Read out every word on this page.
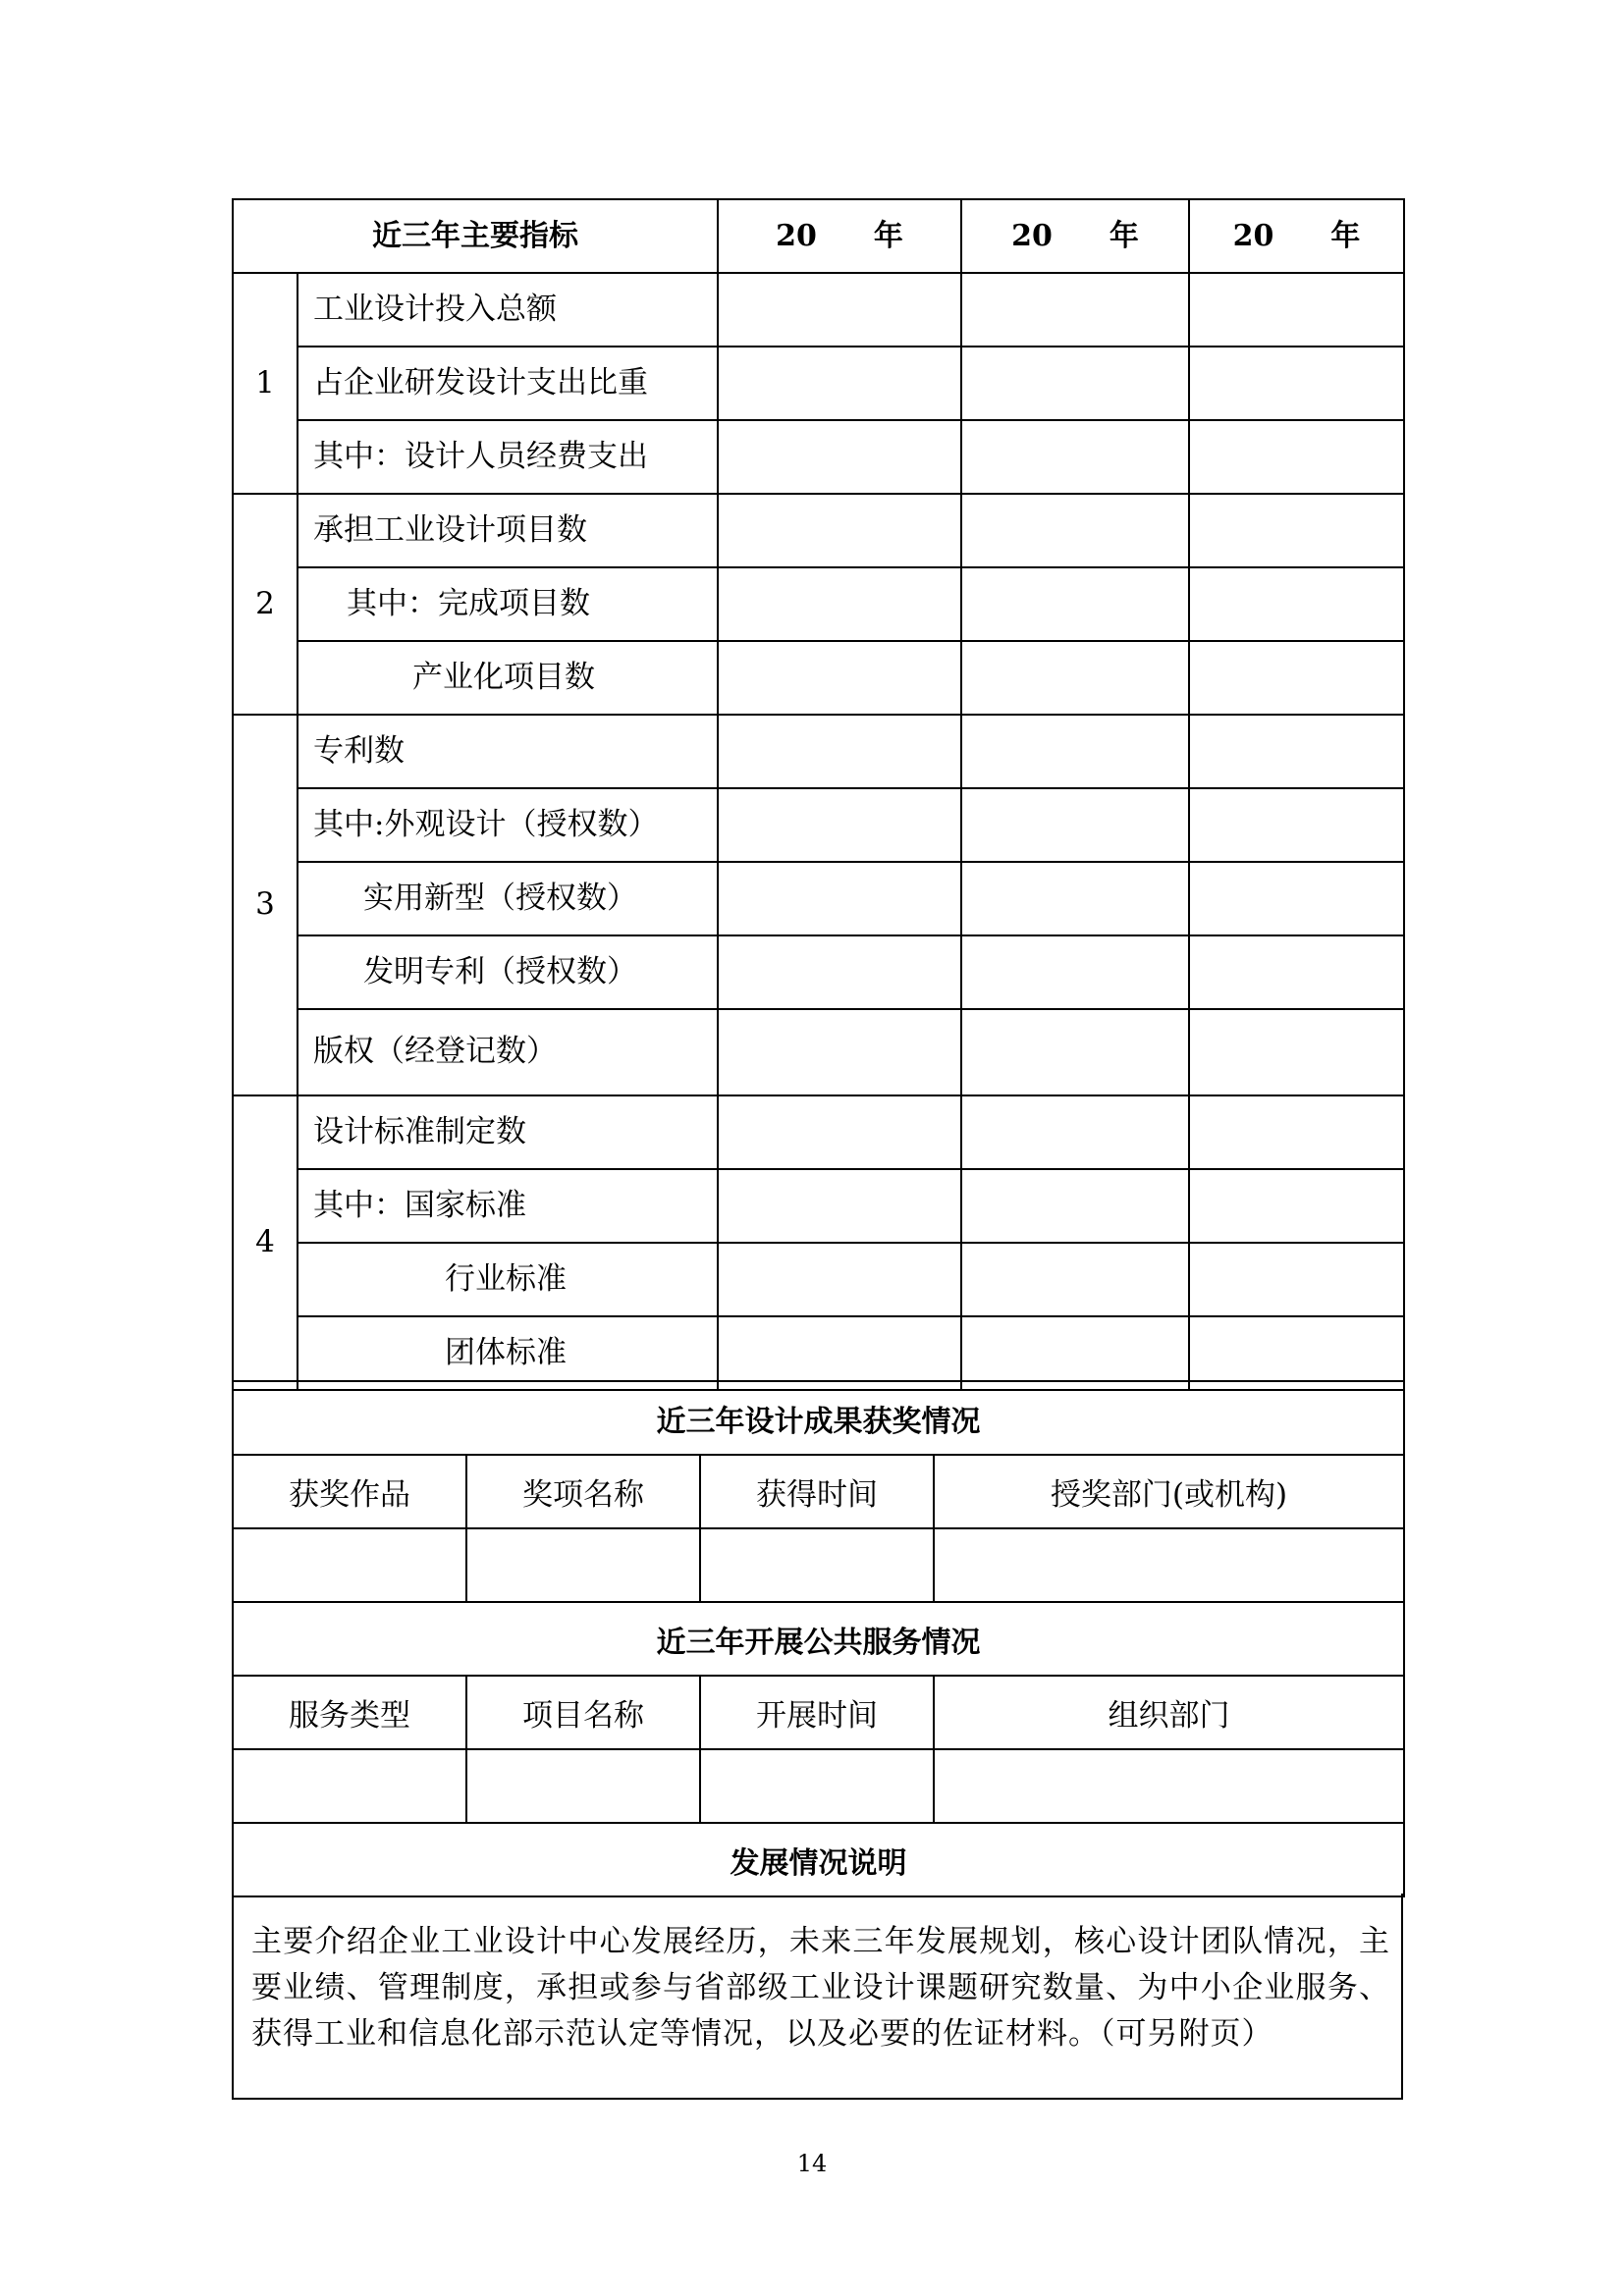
近三年主要指标		20 年	20 年	20 年
1	工业设计投入总额			
	占企业研发设计支出比重			
	其中：设计人员经费支出			
2	承担工业设计项目数			
	其中：完成项目数			
	产业化项目数			
3	专利数			
	其中:外观设计（授权数）			
	实用新型（授权数）			
	发明专利（授权数）			
	版权（经登记数）			
4	设计标准制定数			
	其中：国家标准			
	行业标准			
	团体标准			
近三年设计成果获奖情况			
获奖作品	奖项名称	获得时间	授奖部门(或机构)

近三年开展公共服务情况			
服务类型	项目名称	开展时间	组织部门

发展情况说明			
主要介绍企业工业设计中心发展经历，未来三年发展规划，核心设计团队情况，主要业绩、管理制度，承担或参与省部级工业设计课题研究数量、为中小企业服务、获得工业和信息化部示范认定等情况，以及必要的佐证材料。（可另附页）
14
